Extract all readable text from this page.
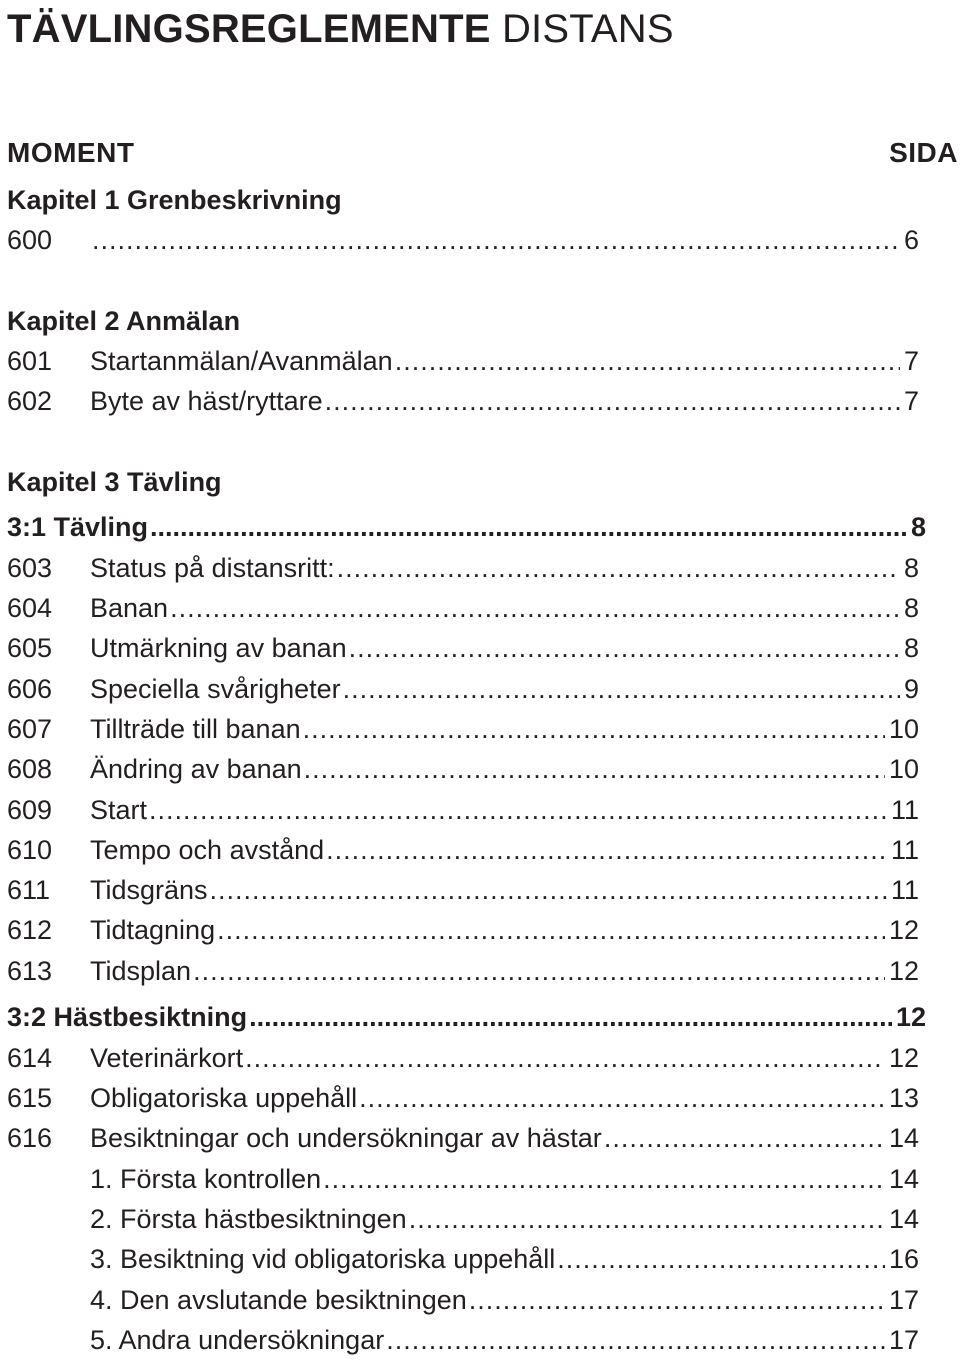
TÄVLINGSREGLEMENTE DISTANS
MOMENT	SIDA
Kapitel 1 Grenbeskrivning
600 .....	6
Kapitel 2 Anmälan
601	Startanmälan/Avanmälan .....	7
602	Byte av häst/ryttare .....	7
Kapitel 3 Tävling
3:1 Tävling .....	8
603	Status på distansritt: .....	8
604	Banan .....	8
605	Utmärkning av banan .....	8
606	Speciella svårigheter .....	9
607	Tillträde till banan .....	10
608	Ändring av banan .....	10
609	Start .....	11
610	Tempo och avstånd .....	11
611	Tidsgräns .....	11
612	Tidtagning .....	12
613	Tidsplan .....	12
3:2 Hästbesiktning .....	12
614	Veterinärkort .....	12
615	Obligatoriska uppehåll .....	13
616	Besiktningar och undersökningar av hästar .....	14
1. Första kontrollen .....	14
2. Första hästbesiktningen .....	14
3. Besiktning vid obligatoriska uppehåll .....	16
4. Den avslutande besiktningen .....	17
5. Andra undersökningar .....	17
